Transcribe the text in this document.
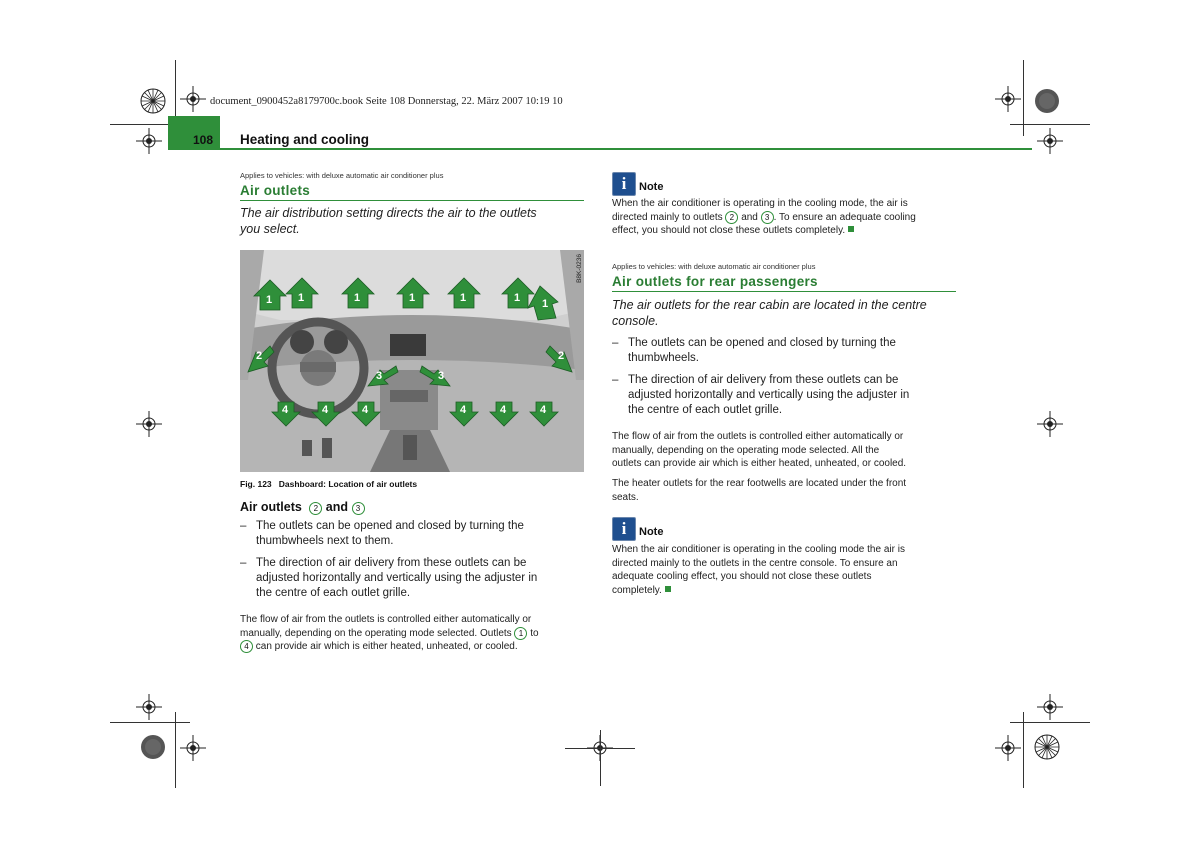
document_0900452a8179700c.book Seite 108 Donnerstag, 22. März 2007 10:19 10
108 Heating and cooling
Applies to vehicles: with deluxe automatic air conditioner plus
Air outlets
The air distribution setting directs the air to the outlets
you select.
B8K-0236
1 1	1	1	1	1 1
2	2
3	3
4	4	4	4	4	4
Fig. 123 Dashboard: Location of air outlets
Air outlets 2 and 3
– The outlets can be opened and closed by turning the
thumbwheels next to them.
– The direction of air delivery from these outlets can be
adjusted horizontally and vertically using the adjuster in
the centre of each outlet grille.
The flow of air from the outlets is controlled either automatically or
manually, depending on the operating mode selected. Outlets 1 to
4 can provide air which is either heated, unheated, or cooled.
i	Note
When the air conditioner is operating in the cooling mode, the air is
directed mainly to outlets 2 and 3 . To ensure an adequate cooling
effect, you should not close these outlets completely.
Applies to vehicles: with deluxe automatic air conditioner plus
Air outlets for rear passengers
The air outlets for the rear cabin are located in the centre
console.
– The outlets can be opened and closed by turning the
thumbwheels.
– The direction of air delivery from these outlets can be
adjusted horizontally and vertically using the adjuster in
the centre of each outlet grille.
The flow of air from the outlets is controlled either automatically or
manually, depending on the operating mode selected. All the
outlets can provide air which is either heated, unheated, or cooled.
The heater outlets for the rear footwells are located under the front
seats.
i	Note
When the air conditioner is operating in the cooling mode the air is
directed mainly to the outlets in the centre console. To ensure an
adequate cooling effect, you should not close these outlets
completely.
